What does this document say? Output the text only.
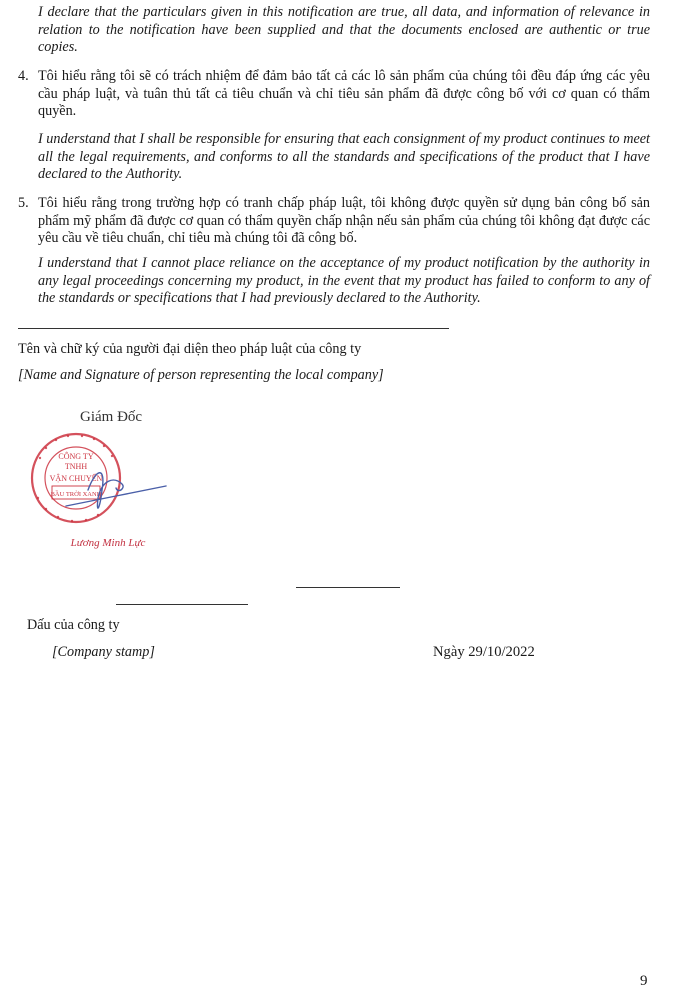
I declare that the particulars given in this notification are true, all data, and information of relevance in relation to the notification have been supplied and that the documents enclosed are authentic or true copies.
4. Tôi hiểu rằng tôi sẽ có trách nhiệm để đảm bảo tất cả các lô sản phẩm của chúng tôi đều đáp ứng các yêu cầu pháp luật, và tuân thủ tất cả tiêu chuẩn và chỉ tiêu sản phẩm đã được công bố với cơ quan có thẩm quyền.
I understand that I shall be responsible for ensuring that each consignment of my product continues to meet all the legal requirements, and conforms to all the standards and specifications of the product that I have declared to the Authority.
5. Tôi hiểu rằng trong trường hợp có tranh chấp pháp luật, tôi không được quyền sử dụng bản công bố sản phẩm mỹ phẩm đã được cơ quan có thẩm quyền chấp nhận nếu sản phẩm của chúng tôi không đạt được các yêu cầu về tiêu chuẩn, chỉ tiêu mà chúng tôi đã công bố.
I understand that I cannot place reliance on the acceptance of my product notification by the authority in any legal proceedings concerning my product, in the event that my product has failed to conform to any of the standards or specifications that I had previously declared to the Authority.
Tên và chữ ký của người đại diện theo pháp luật của công ty
[Name and Signature of person representing the local company]
Giám Đốc
CÔNG TY
TNHH
VẬN CHUYỂN
BẦU TRỜI XANH
Lương Minh Lực
Dấu của công ty
[Company stamp]	Ngày 29/10/2022
9
